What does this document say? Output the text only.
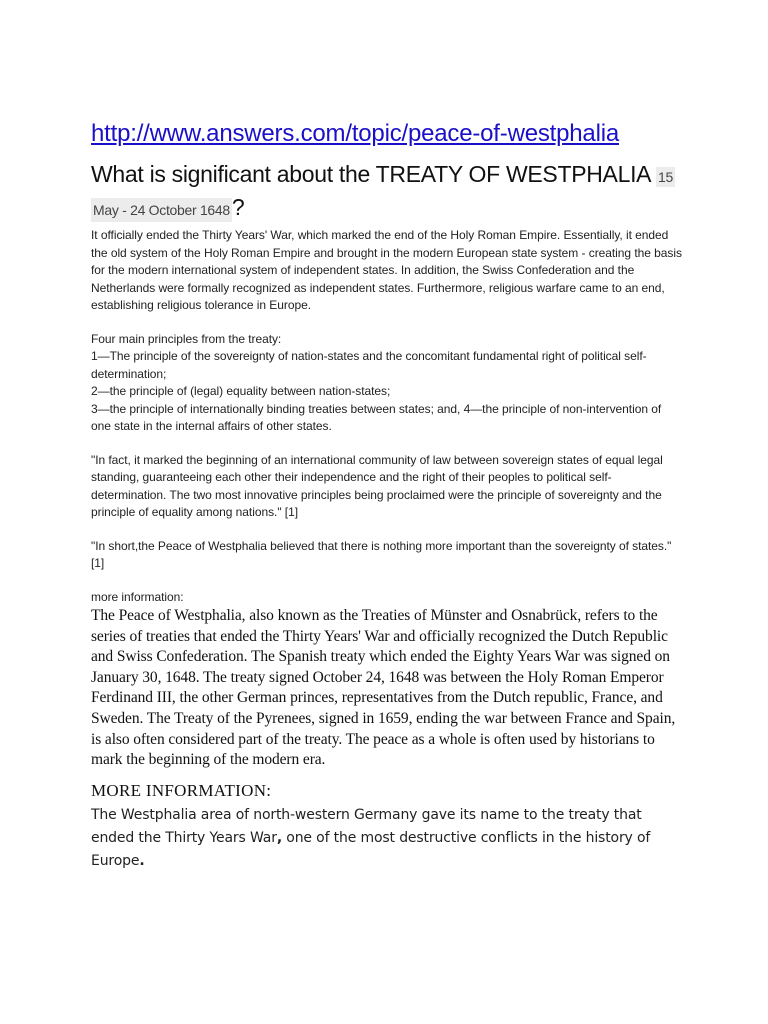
http://www.answers.com/topic/peace-of-westphalia
What is significant about the TREATY OF WESTPHALIA 15
May - 24 October 1648?

It officially ended the Thirty Years' War, which marked the end of the Holy Roman Empire. Essentially, it ended the old system of the Holy Roman Empire and brought in the modern European state system - creating the basis for the modern international system of independent states. In addition, the Swiss Confederation and the Netherlands were formally recognized as independent states. Furthermore, religious warfare came to an end, establishing religious tolerance in Europe.

Four main principles from the treaty:

1—The principle of the sovereignty of nation-states and the concomitant fundamental right of political self-determination;

2—the principle of (legal) equality between nation-states;

3—the principle of internationally binding treaties between states; and, 4—the principle of non-intervention of one state in the internal affairs of other states.

"In fact, it marked the beginning of an international community of law between sovereign states of equal legal standing, guaranteeing each other their independence and the right of their peoples to political self-determination. The two most innovative principles being proclaimed were the principle of sovereignty and the principle of equality among nations." [1]

"In short,the Peace of Westphalia believed that there is nothing more important than the sovereignty of states." [1]

more information:

The Peace of Westphalia, also known as the Treaties of Münster and Osnabrück, refers to the series of treaties that ended the Thirty Years' War and officially recognized the Dutch Republic and Swiss Confederation. The Spanish treaty which ended the Eighty Years War was signed on January 30, 1648. The treaty signed October 24, 1648 was between the Holy Roman Emperor Ferdinand III, the other German princes, representatives from the Dutch republic, France, and Sweden. The Treaty of the Pyrenees, signed in 1659, ending the war between France and Spain, is also often considered part of the treaty. The peace as a whole is often used by historians to mark the beginning of the modern era.

MORE INFORMATION:

The Westphalia area of north-western Germany gave its name to the treaty that ended the Thirty Years War, one of the most destructive conflicts in the history of Europe.
